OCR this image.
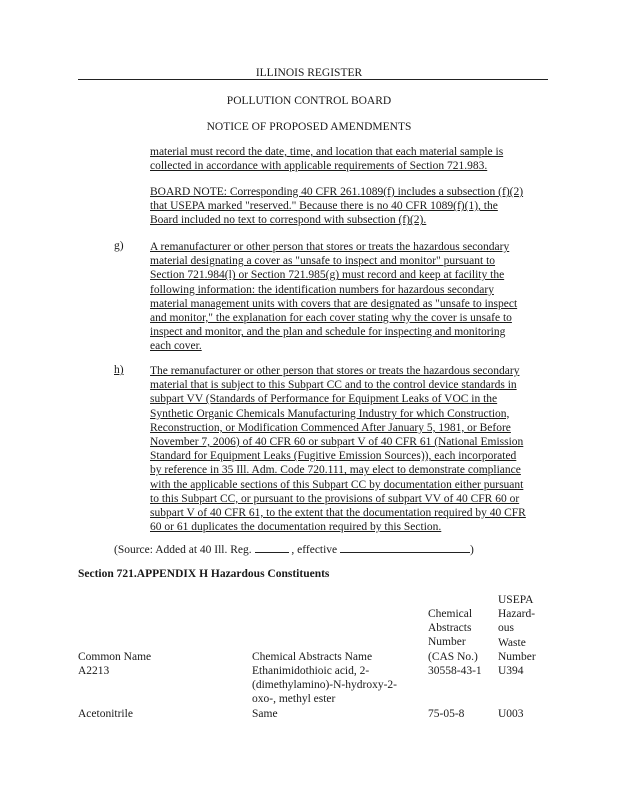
ILLINOIS REGISTER
POLLUTION CONTROL BOARD
NOTICE OF PROPOSED AMENDMENTS
material must record the date, time, and location that each material sample is
collected in accordance with applicable requirements of Section 721.983.
BOARD NOTE: Corresponding 40 CFR 261.1089(f) includes a subsection (f)(2)
that USEPA marked "reserved." Because there is no 40 CFR 1089(f)(1), the
Board included no text to correspond with subsection (f)(2).
g) A remanufacturer or other person that stores or treats the hazardous secondary
material designating a cover as "unsafe to inspect and monitor" pursuant to
Section 721.984(l) or Section 721.985(g) must record and keep at facility the
following information: the identification numbers for hazardous secondary
material management units with covers that are designated as "unsafe to inspect
and monitor," the explanation for each cover stating why the cover is unsafe to
inspect and monitor, and the plan and schedule for inspecting and monitoring
each cover.
h) The remanufacturer or other person that stores or treats the hazardous secondary
material that is subject to this Subpart CC and to the control device standards in
subpart VV (Standards of Performance for Equipment Leaks of VOC in the
Synthetic Organic Chemicals Manufacturing Industry for which Construction,
Reconstruction, or Modification Commenced After January 5, 1981, or Before
November 7, 2006) of 40 CFR 60 or subpart V of 40 CFR 61 (National Emission
Standard for Equipment Leaks (Fugitive Emission Sources)), each incorporated
by reference in 35 Ill. Adm. Code 720.111, may elect to demonstrate compliance
with the applicable sections of this Subpart CC by documentation either pursuant
to this Subpart CC, or pursuant to the provisions of subpart VV of 40 CFR 60 or
subpart V of 40 CFR 61, to the extent that the documentation required by 40 CFR
60 or 61 duplicates the documentation required by this Section.
(Source: Added at 40 Ill. Reg.	, effective	)
Section 721.APPENDIX H Hazardous Constituents
USEPA
Hazard-
ous
Waste
Number
Chemical
Abstracts
Number
(CAS No.)
Common Name	Chemical Abstracts Name
A2213	Ethanimidothioic acid, 2-
(dimethylamino)-N-hydroxy-2-
oxo-, methyl ester
30558-43-1 U394
Acetonitrile	Same	75-05-8	U003
